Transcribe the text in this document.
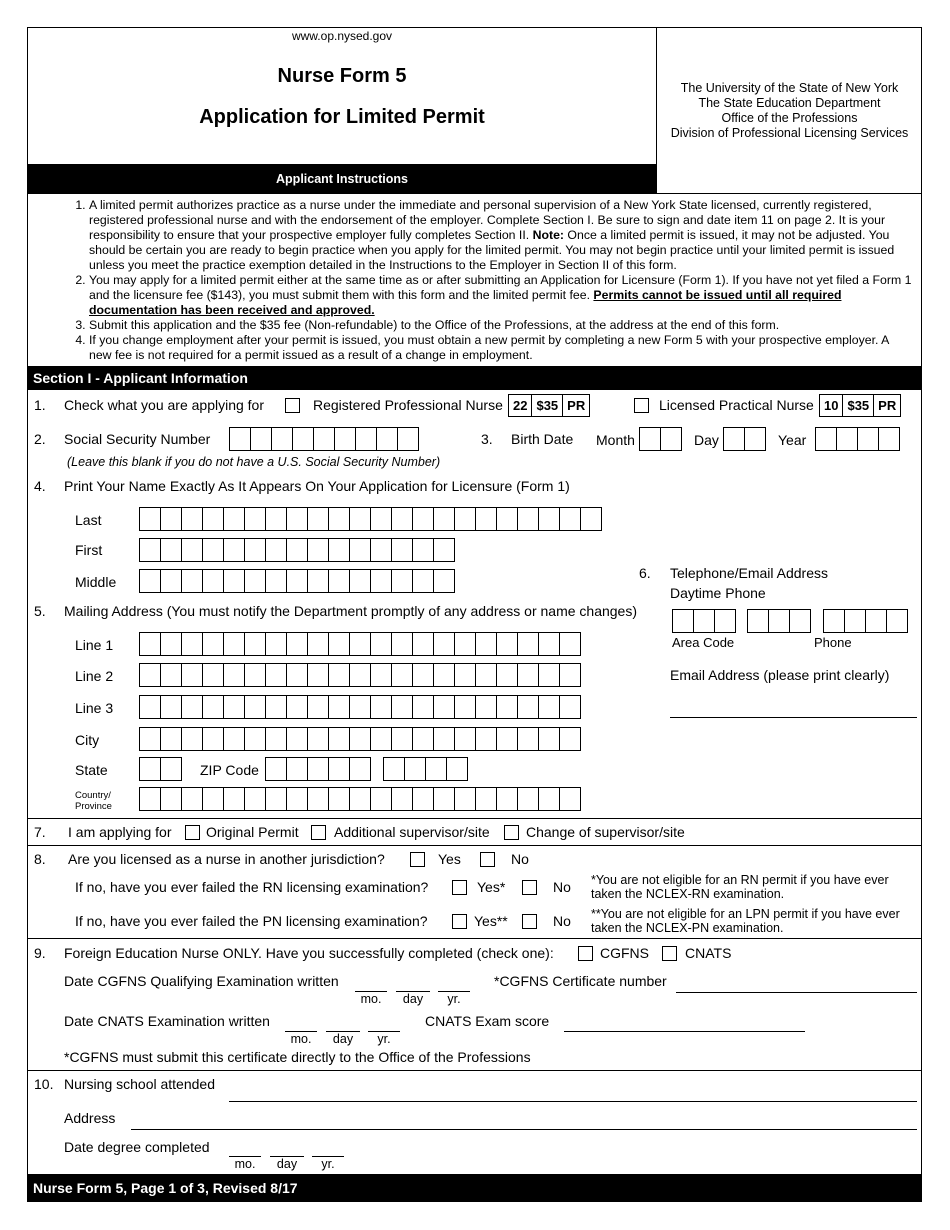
www.op.nysed.gov
Nurse Form 5
Application for Limited Permit
The University of the State of New York
The State Education Department
Office of the Professions
Division of Professional Licensing Services
Applicant Instructions
1. A limited permit authorizes practice as a nurse under the immediate and personal supervision of a New York State licensed, currently registered, registered professional nurse and with the endorsement of the employer. Complete Section I. Be sure to sign and date item 11 on page 2. It is your responsibility to ensure that your prospective employer fully completes Section II. Note: Once a limited permit is issued, it may not be adjusted. You should be certain you are ready to begin practice when you apply for the limited permit. You may not begin practice until your limited permit is issued unless you meet the practice exemption detailed in the Instructions to the Employer in Section II of this form.
2. You may apply for a limited permit either at the same time as or after submitting an Application for Licensure (Form 1). If you have not yet filed a Form 1 and the licensure fee ($143), you must submit them with this form and the limited permit fee. Permits cannot be issued until all required documentation has been received and approved.
3. Submit this application and the $35 fee (Non-refundable) to the Office of the Professions, at the address at the end of this form.
4. If you change employment after your permit is issued, you must obtain a new permit by completing a new Form 5 with your prospective employer. A new fee is not required for a permit issued as a result of a change in employment.
Section I - Applicant Information
1. Check what you are applying for	Registered Professional Nurse 22 $35 PR	Licensed Practical Nurse 10 $35 PR
2. Social Security Number
(Leave this blank if you do not have a U.S. Social Security Number)
3. Birth Date Month	Day	Year
4. Print Your Name Exactly As It Appears On Your Application for Licensure (Form 1)
Last
First
Middle
5. Mailing Address (You must notify the Department promptly of any address or name changes)
Line 1
Line 2
Line 3
City
State	ZIP Code
Country/
Province
6. Telephone/Email Address
Daytime Phone
Area Code	Phone
Email Address (please print clearly)
7. I am applying for Original Permit	Additional supervisor/site	Change of supervisor/site
8. Are you licensed as a nurse in another jurisdiction?	Yes	No
If no, have you ever failed the RN licensing examination?	Yes*	No *You are not eligible for an RN permit if you have ever
taken the NCLEX-RN examination.
If no, have you ever failed the PN licensing examination?	Yes**	No **You are not eligible for an LPN permit if you have ever
taken the NCLEX-PN examination.
9. Foreign Education Nurse ONLY. Have you successfully completed (check one):	CGFNS	CNATS
Date CGFNS Qualifying Examination written
mo.	day	yr.
*CGFNS Certificate number
Date CNATS Examination written
mo.	day	yr.
CNATS Exam score
*CGFNS must submit this certificate directly to the Office of the Professions
10. Nursing school attended
Address
Date degree completed
mo.	day	yr.
Nurse Form 5, Page 1 of 3, Revised 8/17
